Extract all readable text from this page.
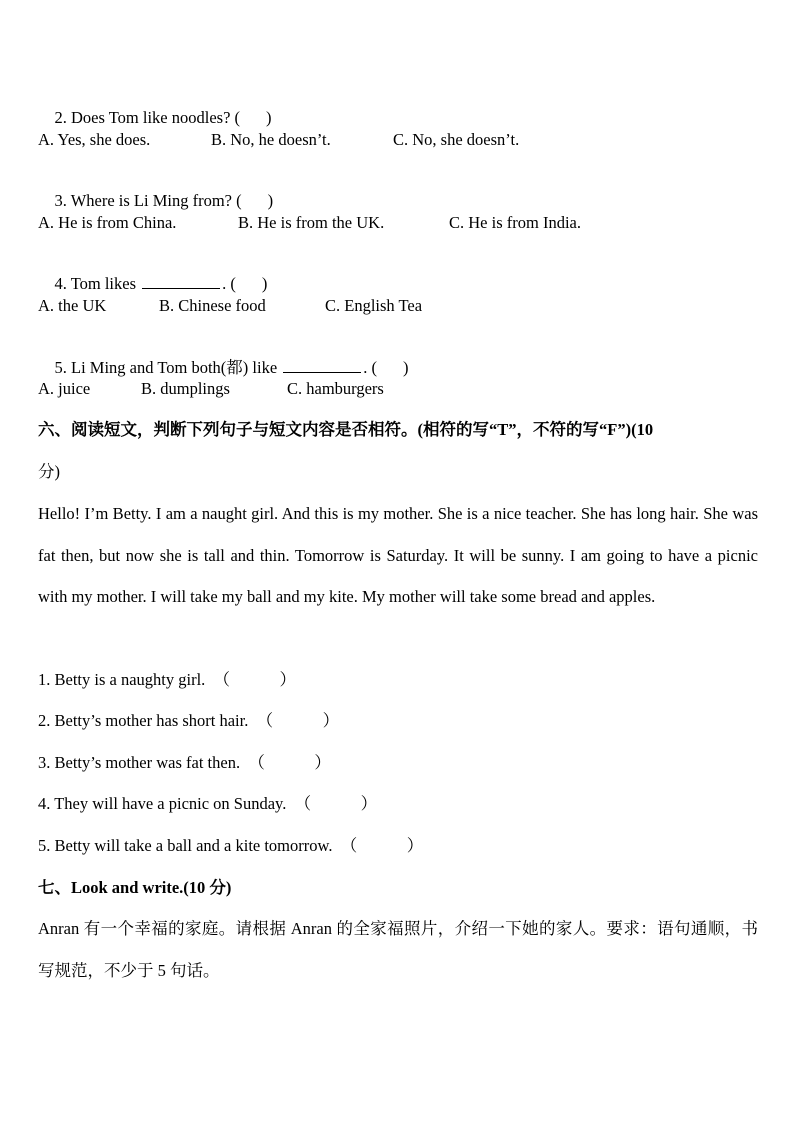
2. Does Tom like noodles? ( )

A. Yes, she does.	B. No, he doesn’t.	C. No, she doesn’t.

3. Where is Li Ming from? ( )

A. He is from China.	B. He is from the UK.	C. He is from India.

4. Tom likes	. ( )

A. the UK	B. Chinese food	C. English Tea

5. Li Ming and Tom both(都) like	. ( )

A. juice	B. dumplings	C. hamburgers
六、阅读短文，判断下列句子与短文内容是否相符。(相符的写“T”，不符的写“F”)(10
分)
Hello! I’m Betty. I am a naught girl. And this is my mother. She is a nice teacher. She has long hair. She was fat then, but now she is tall and thin. Tomorrow is Saturday. It will be sunny. I am going to have a picnic with my mother. I will take my ball and my kite. My mother will take some bread and apples.
1. Betty is a naughty girl. （　　　）
2. Betty’s mother has short hair. （　　　）
3. Betty’s mother was fat then. （　　　）
4. They will have a picnic on Sunday. （　　　）
5. Betty will take a ball and a kite tomorrow. （　　　）
七、Look and write.(10 分)
Anran 有一个幸福的家庭。请根据 Anran 的全家福照片，介绍一下她的家人。要求：语句通顺，书写规范，不少于 5 句话。
